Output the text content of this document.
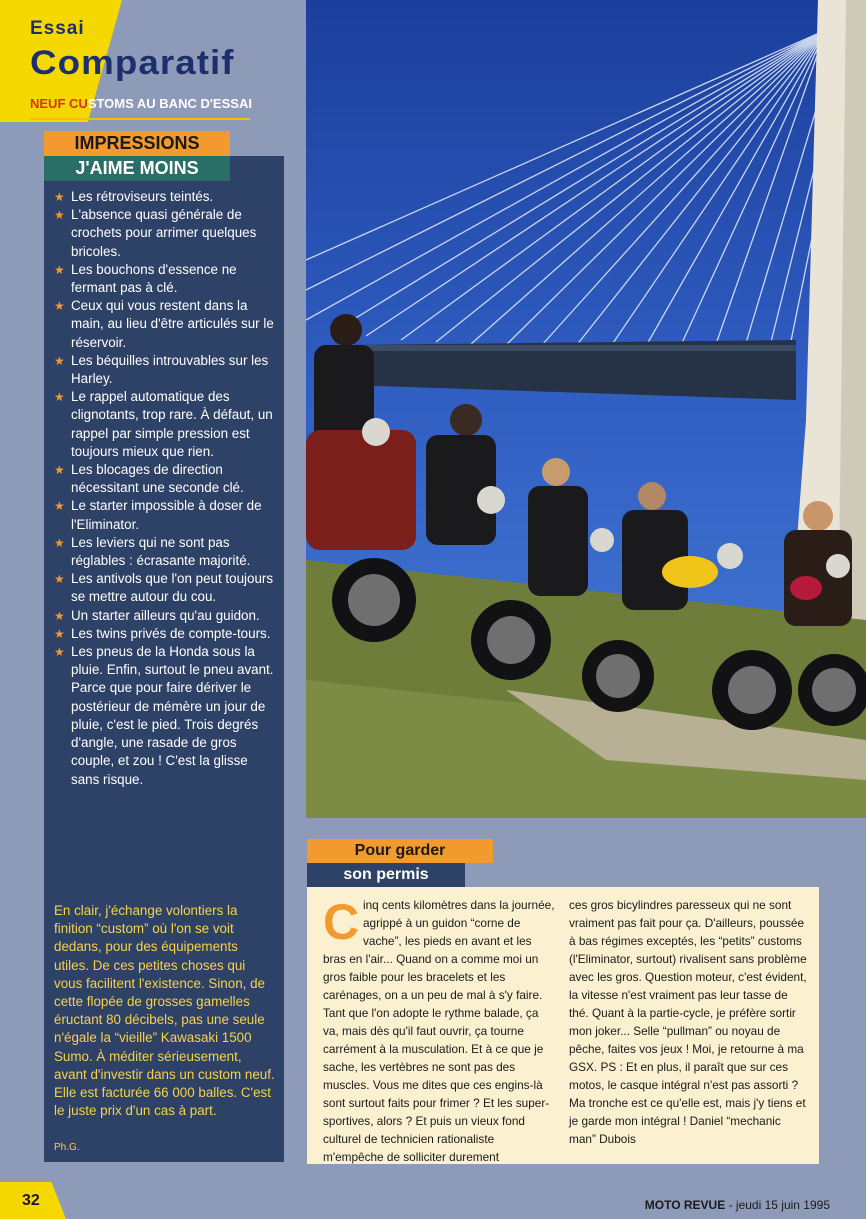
Essai
Comparatif
NEUF CUSTOMS AU BANC D'ESSAI
IMPRESSIONS
J'AIME MOINS
★ Les rétroviseurs teintés.
★ L'absence quasi générale de crochets pour arrimer quelques bricoles.
★ Les bouchons d'essence ne fermant pas à clé.
★ Ceux qui vous restent dans la main, au lieu d'être articulés sur le réservoir.
★ Les béquilles introuvables sur les Harley.
★ Le rappel automatique des clignotants, trop rare. À défaut, un rappel par simple pression est toujours mieux que rien.
★ Les blocages de direction nécessitant une seconde clé.
★ Le starter impossible à doser de l'Eliminator.
★ Les leviers qui ne sont pas réglables : écrasante majorité.
★ Les antivols que l'on peut toujours se mettre autour du cou.
★ Un starter ailleurs qu'au guidon.
★ Les twins privés de compte-tours.
★ Les pneus de la Honda sous la pluie. Enfin, surtout le pneu avant. Parce que pour faire dériver le postérieur de mémère un jour de pluie, c'est le pied. Trois degrés d'angle, une rasade de gros couple, et zou ! C'est la glisse sans risque.
En clair, j'échange volontiers la finition “custom” où l'on se voit dedans, pour des équipements utiles. De ces petites choses qui vous facilitent l'existence. Sinon, de cette flopée de grosses gamelles éructant 80 décibels, pas une seule n'égale la “vieille” Kawasaki 1500 Sumo. À méditer sérieusement, avant d'investir dans un custom neuf. Elle est facturée 66 000 balles. C'est le juste prix d'un cas à part.
Ph.G.
Pour garder
son permis
Cinq cents kilomètres dans la journée, agrippé à un guidon “corne de vache”, les pieds en avant et les bras en l'air... Quand on a comme moi un gros faible pour les bracelets et les carénages, on a un peu de mal à s'y faire. Tant que l'on adopte le rythme balade, ça va, mais dès qu'il faut ouvrir, ça tourne carrément à la musculation. Et à ce que je sache, les vertèbres ne sont pas des muscles. Vous me dites que ces engins-là sont surtout faits pour frimer ? Et les super-sportives, alors ? Et puis un vieux fond culturel de technicien rationaliste m'empêche de solliciter durement
ces gros bicylindres paresseux qui ne sont vraiment pas fait pour ça. D'ailleurs, poussée à bas régimes exceptés, les “petits” customs (l'Eliminator, surtout) rivalisent sans problème avec les gros. Question moteur, c'est évident, la vitesse n'est vraiment pas leur tasse de thé. Quant à la partie-cycle, je préfère sortir mon joker... Selle “pullman” ou noyau de pêche, faites vos jeux ! Moi, je retourne à ma GSX. PS : Et en plus, il paraît que sur ces motos, le casque intégral n'est pas assorti ? Ma tronche est ce qu'elle est, mais j'y tiens et je garde mon intégral ! Daniel “mechanic man” Dubois
32	MOTO REVUE - jeudi 15 juin 1995
